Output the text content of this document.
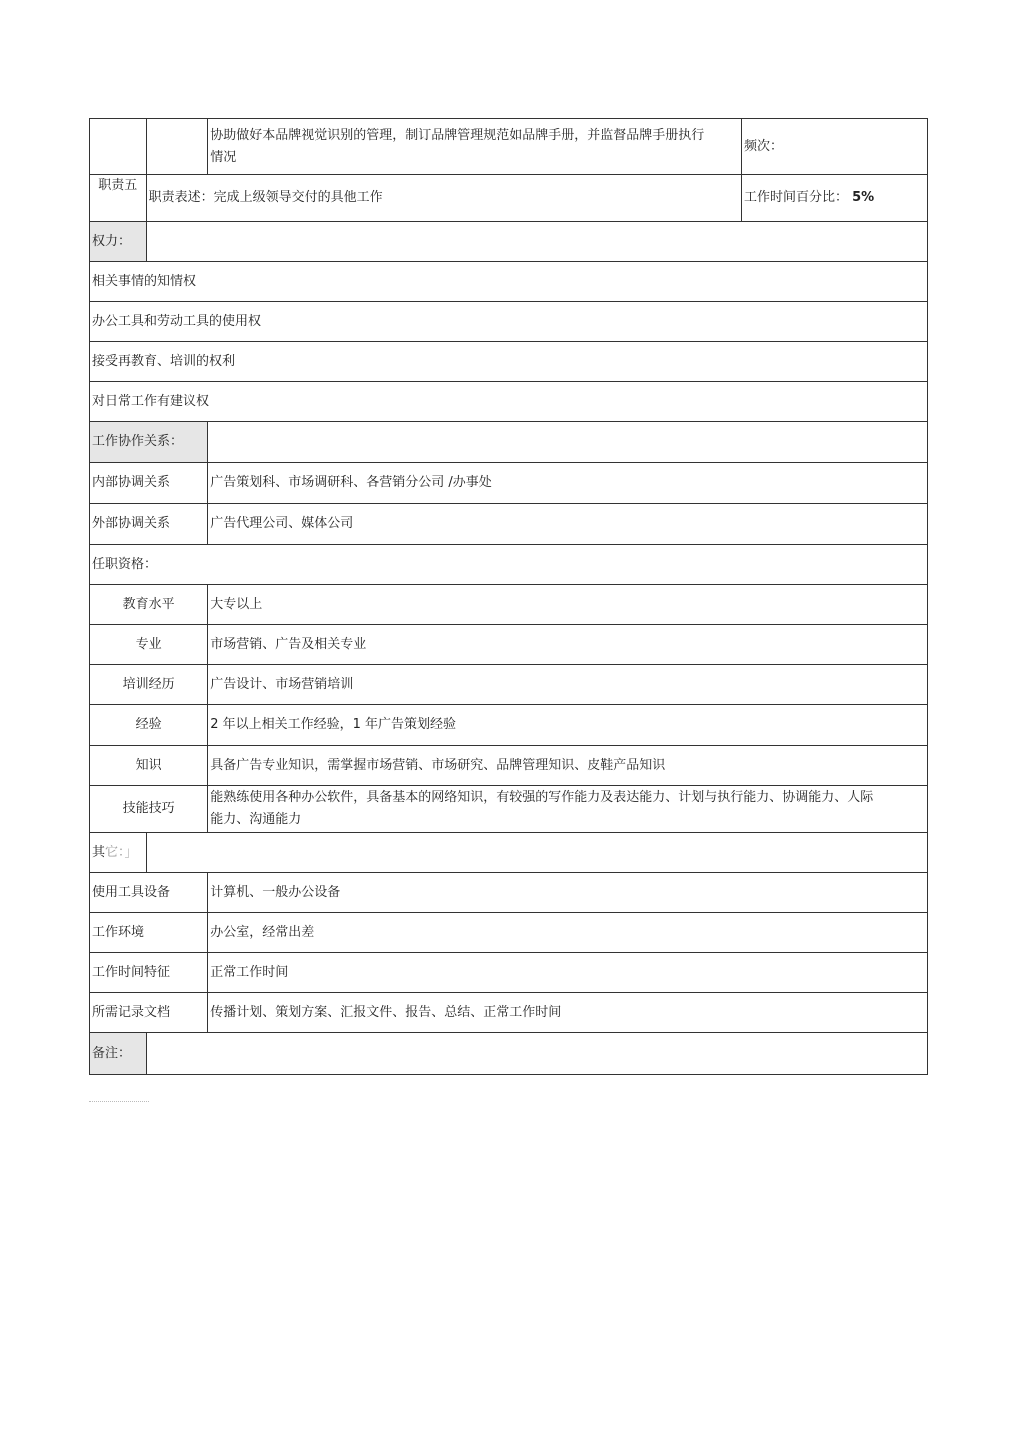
		协助做好本品牌视觉识别的管理，制订品牌管理规范如品牌手册，并监督品牌手册执行
情况	频次：
职责五	职责表述：完成上级领导交付的具他工作		工作时间百分比： 5%
权力：			
相关事情的知情权			
办公工具和劳动工具的使用权			
接受再教育、培训的权利			
对日常工作有建议权			
工作协作关系：			
内部协调关系		广告策划科、市场调研科、各营销分公司 /办事处	
外部协调关系		广告代理公司、媒体公司	
任职资格：			
教育水平		大专以上	
专业		市场营销、广告及相关专业	
培训经历		广告设计、市场营销培训	
经验		2 年以上相关工作经验，1 年广告策划经验	
知识		具备广告专业知识，需掌握市场营销、市场研究、品牌管理知识、皮鞋产品知识	
技能技巧		能熟练使用各种办公软件，具备基本的网络知识，有较强的写作能力及表达能力、计划与执行能力、协调能力、人际
能力、沟通能力	

其它：」			
使用工具设备		计算机、一般办公设备	
工作环境		办公室，经常出差	
工作时间特征		正常工作时间	
所需记录文档		传播计划、策划方案、汇报文件、报告、总结、正常工作时间	
备注：			
